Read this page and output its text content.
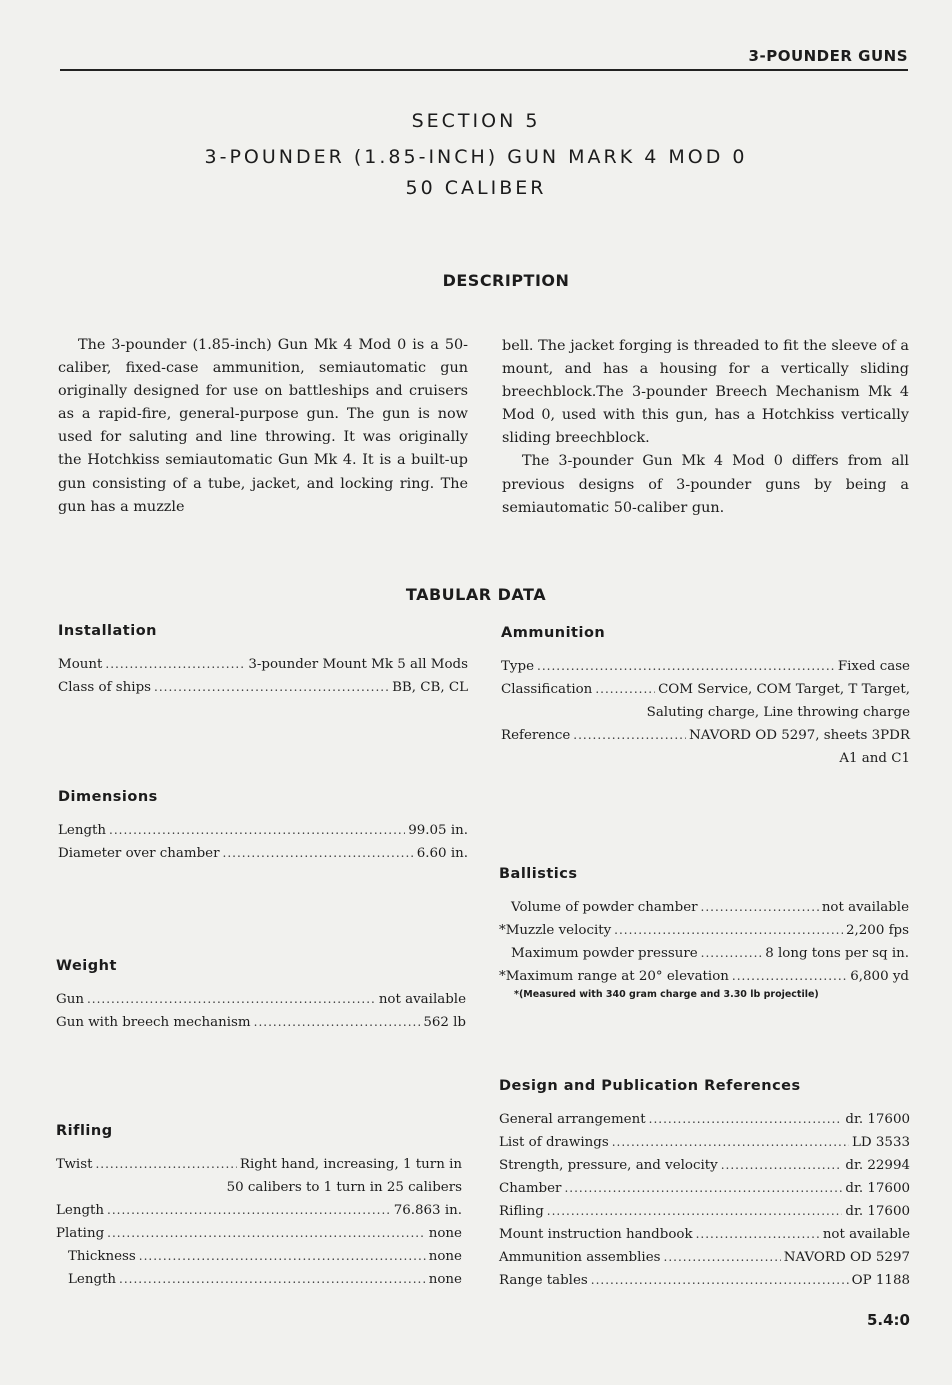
3-POUNDER GUNS
SECTION 5
3-POUNDER (1.85-INCH) GUN MARK 4 MOD 0
50 CALIBER
DESCRIPTION

The 3-pounder (1.85-inch) Gun Mk 4 Mod 0 is a 50-caliber, fixed-case ammunition, semiautomatic gun originally designed for use on battleships and cruisers as a rapid-fire, general-purpose gun. The gun is now used for saluting and line throwing. It was originally the Hotchkiss semiautomatic Gun Mk 4. It is a built-up gun consisting of a tube, jacket, and locking ring. The gun has a muzzle

bell. The jacket forging is threaded to fit the sleeve of a mount, and has a housing for a vertically sliding breechblock.The 3-pounder Breech Mechanism Mk 4 Mod 0, used with this gun, has a Hotchkiss vertically sliding breechblock.

The 3-pounder Gun Mk 4 Mod 0 differs from all previous designs of 3-pounder guns by being a semiautomatic 50-caliber gun.

TABULAR DATA
Installation
Mount .....	3-pounder Mount Mk 5 all Mods
Class of ships .....	BB, CB, CL
Dimensions
Length .....	99.05 in.
Diameter over chamber .....	6.60 in.
Weight
Gun .....	not available
Gun with breech mechanism .....	562 lb
Rifling
Twist .....	Right hand, increasing, 1 turn in
50 calibers to 1 turn in 25 calibers
Length .....	76.863 in.
Plating .....	none
Thickness .....	none
Length .....	none
Ammunition
Type .....	Fixed case
Classification .....	COM Service, COM Target, T Target,
Saluting charge, Line throwing charge
Reference .....	NAVORD OD 5297, sheets 3PDR
A1 and C1
Ballistics
Volume of powder chamber .....	not available
*Muzzle velocity .....	2,200 fps
Maximum powder pressure .....	8 long tons per sq in.
*Maximum range at 20° elevation .....	6,800 yd
*(Measured with 340 gram charge and 3.30 lb projectile)
Design and Publication References
General arrangement .....	dr. 17600
List of drawings .....	LD 3533
Strength, pressure, and velocity .....	dr. 22994
Chamber .....	dr. 17600
Rifling .....	dr. 17600
Mount instruction handbook .....	not available
Ammunition assemblies .....	NAVORD OD 5297
Range tables .....	OP 1188
5.4:0
